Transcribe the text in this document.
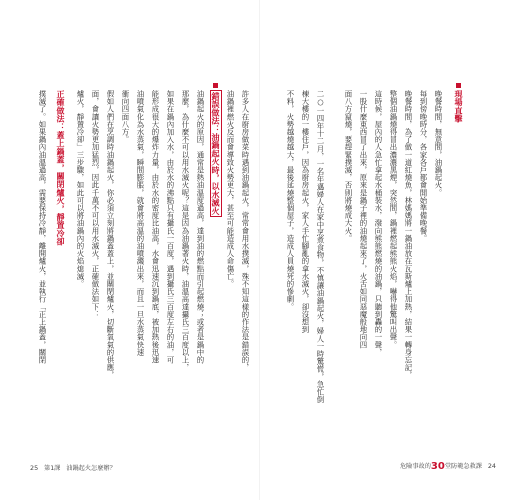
撲滅了。如果鍋內油溫過高，需要保持冷靜，離開爐火，並執行「正上鍋蓋，關閉 正確做法：蓋上鍋蓋，關閉爐火，靜置冷卻 爐火，靜置冷卻」三步驟，如此可以將油鍋內的火焰熄滅。 面，會讓火勢更加猛烈，因此千萬不可以用水滅火，正確做法如下： 假如人們在烹調時油鍋起火，你必須立刻將鍋蓋蓋上，並關閉爐火，切斷氧氣的供應， 衝向四面八方。 油噴氣化為水蒸氣，瞬間膨脹，就會將高溫的油噴濺出來，而且一旦水蒸氣快速 能形成很大的爆炸力量，由於水的密度比油高，水會迅速沉到鍋底，被加熱後迅速 如果在鍋內加入水，由於水的沸點只有攝氏一百度，遇到攝氏三百度左右的油，可 那麼，為什麼不可以用水滅火呢？這是因為油鍋著火時，油溫高達攝氏三百度以上， 油鍋起火的原因，通常是熱油溫度過高，達到油的燃點而引起燃燒；或者是鍋中的 錯誤做法：油鍋起火時，以水滅火 油鍋裡燃火反而會導致火勢更大，甚至可能造成人命傷亡。 許多人在廚房做菜時遇到油鍋起火，常常會用水撲滅，殊不知這樣的作法是錯誤的，
25 第1課 油鍋起火怎麼辦？
不料，火勢越燒越大，最後延燒整個屋子，造成人員燒死的慘劇。 棟大樓的一樓住戶，因為廚房起火，家人手忙腳亂的拿水滅火，卻沒想到 二○一四年十二月，一名年邁婦人在家中烹煮食物，不慎讓油鍋起火，婦人一時驚慌，急忙倒	面八方竄燒，要趕緊撲滅，否則將燒成大火。 一股什麼東西冒了出來，原來是鍋子裡的油燒起來了，火舌如同惡魔般地向四 這時候，屋內的人急忙拿起水桶裝水，潑向熊熊燃燒的油鍋，只聽到轟的一聲， 整個油鍋燒得冒出濃濃黑煙，突然間，鍋裡燃起熊熊火焰，嚇得他驚叫出聲。 晚餐時間，為了做一道紅燒魚，林媽媽將一鍋油放在瓦斯爐上加熱，結果一轉身忘記， 每到傍晚時分，各家各戶都會開始準備晚餐。 晚餐時間，無意間，油鍋起火。 現場直擊
危險事故的30堂防範急救課 24
